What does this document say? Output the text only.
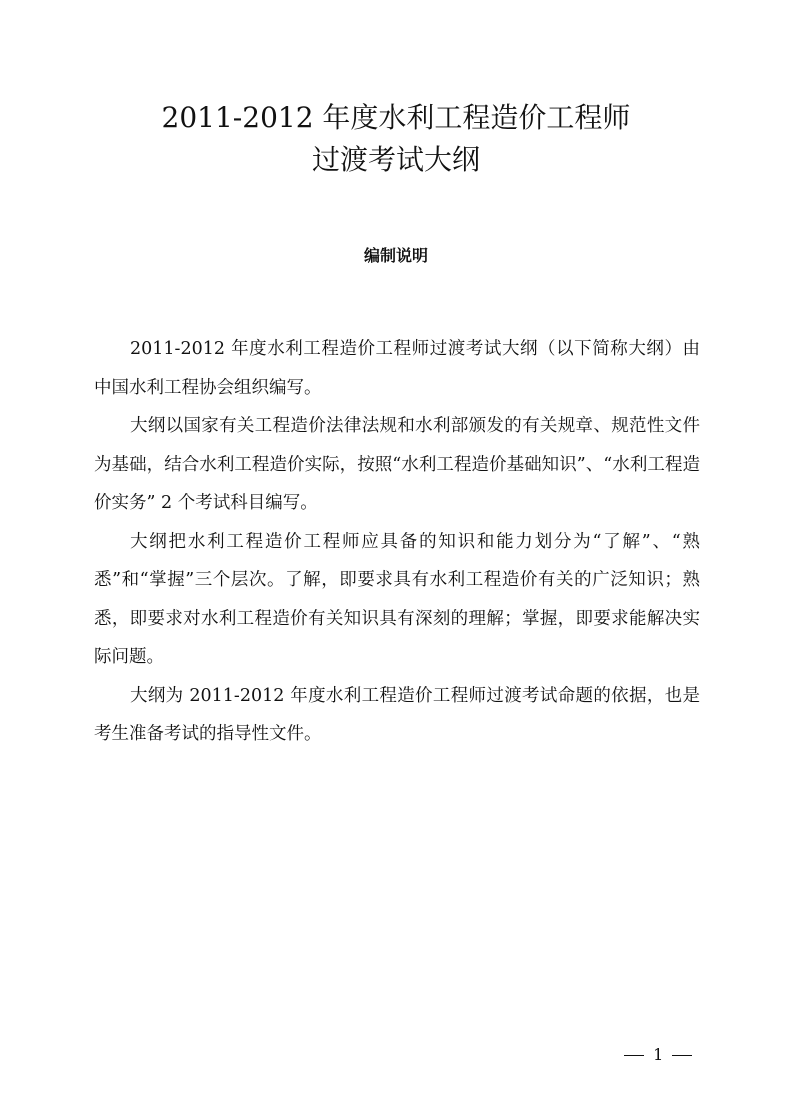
2011-2012 年度水利工程造价工程师
过渡考试大纲
编制说明

2011-2012 年度水利工程造价工程师过渡考试大纲（以下简称大纲）由中国水利工程协会组织编写。

大纲以国家有关工程造价法律法规和水利部颁发的有关规章、规范性文件为基础，结合水利工程造价实际，按照“水利工程造价基础知识”、“水利工程造价实务” 2 个考试科目编写。

大纲把水利工程造价工程师应具备的知识和能力划分为“了解”、“熟悉”和“掌握”三个层次。了解，即要求具有水利工程造价有关的广泛知识；熟悉，即要求对水利工程造价有关知识具有深刻的理解；掌握，即要求能解决实际问题。

大纲为 2011-2012 年度水利工程造价工程师过渡考试命题的依据，也是考生准备考试的指导性文件。

1
